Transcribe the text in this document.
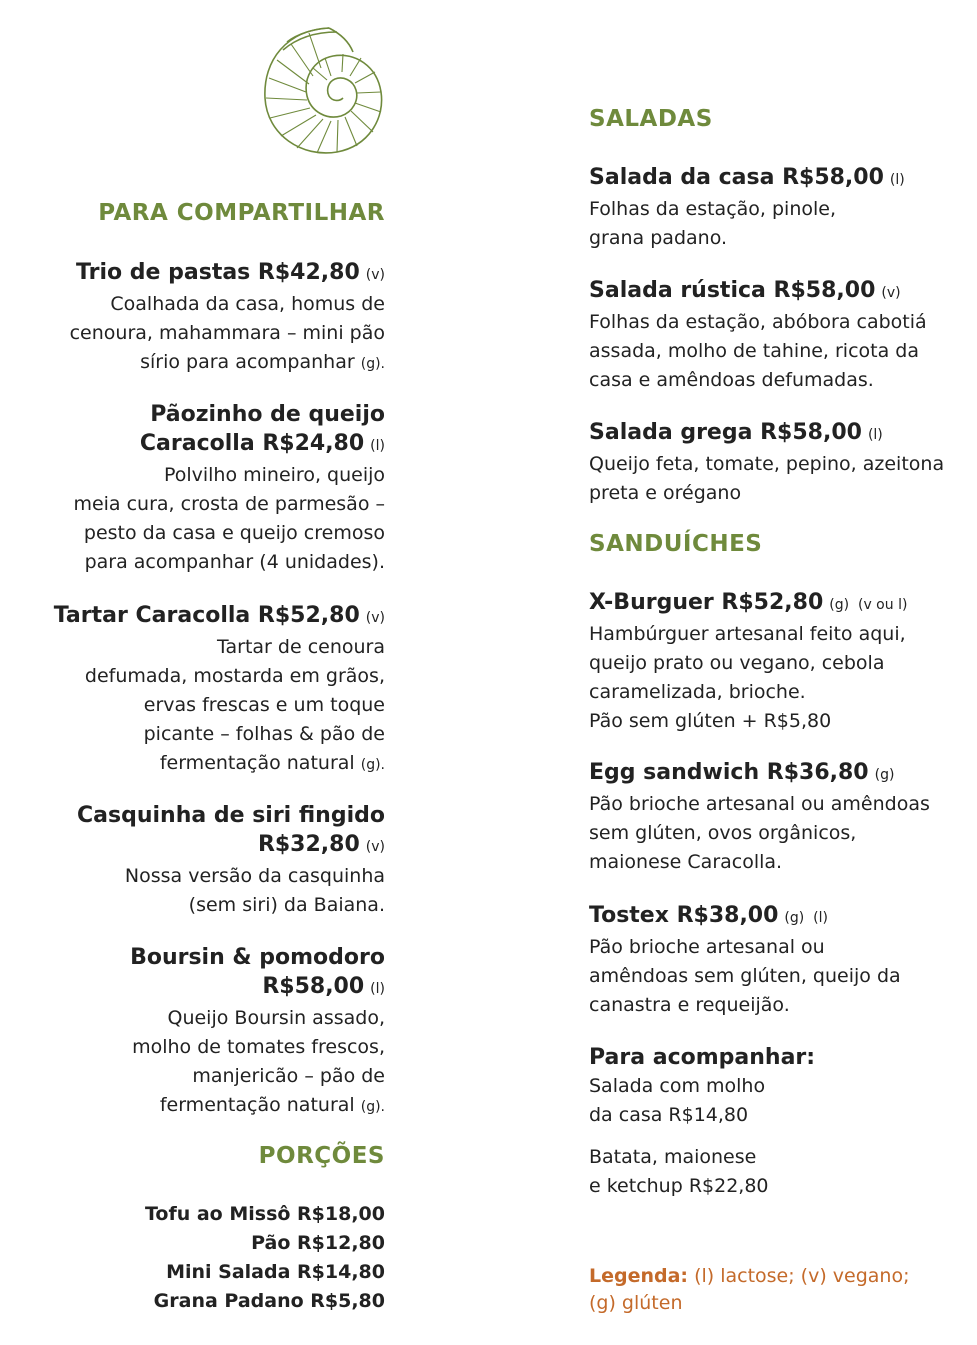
PARA COMPARTILHAR
Trio de pastas R$42,80 (v)
Coalhada da casa, homus de
cenoura, mahammara – mini pão
sírio para acompanhar (g).
Pãozinho de queijo
Caracolla R$24,80 (l)
Polvilho mineiro, queijo
meia cura, crosta de parmesão –
pesto da casa e queijo cremoso
para acompanhar (4 unidades).
Tartar Caracolla R$52,80 (v)
Tartar de cenoura
defumada, mostarda em grãos,
ervas frescas e um toque
picante – folhas & pão de
fermentação natural (g).
Casquinha de siri fingido
R$32,80 (v)
Nossa versão da casquinha
(sem siri) da Baiana.
Boursin & pomodoro
R$58,00 (l)
Queijo Boursin assado,
molho de tomates frescos,
manjericão – pão de
fermentação natural (g).
PORÇÕES
Tofu ao Missô R$18,00
Pão R$12,80
Mini Salada R$14,80
Grana Padano R$5,80
SALADAS
Salada da casa R$58,00 (l)
Folhas da estação, pinole,
grana padano.
Salada rústica R$58,00 (v)
Folhas da estação, abóbora cabotiá
assada, molho de tahine, ricota da
casa e amêndoas defumadas.
Salada grega R$58,00 (l)
Queijo feta, tomate, pepino, azeitona
preta e orégano
SANDUÍCHES
X-Burguer R$52,80 (g)  (v ou l)
Hambúrguer artesanal feito aqui,
queijo prato ou vegano, cebola
caramelizada, brioche.
Pão sem glúten + R$5,80
Egg sandwich R$36,80 (g)
Pão brioche artesanal ou amêndoas
sem glúten, ovos orgânicos,
maionese Caracolla.
Tostex R$38,00 (g)  (l)
Pão brioche artesanal ou
amêndoas sem glúten, queijo da
canastra e requeijão.
Para acompanhar:
Salada com molho
da casa R$14,80
Batata, maionese
e ketchup R$22,80
Legenda: (l) lactose; (v) vegano;
(g) glúten
